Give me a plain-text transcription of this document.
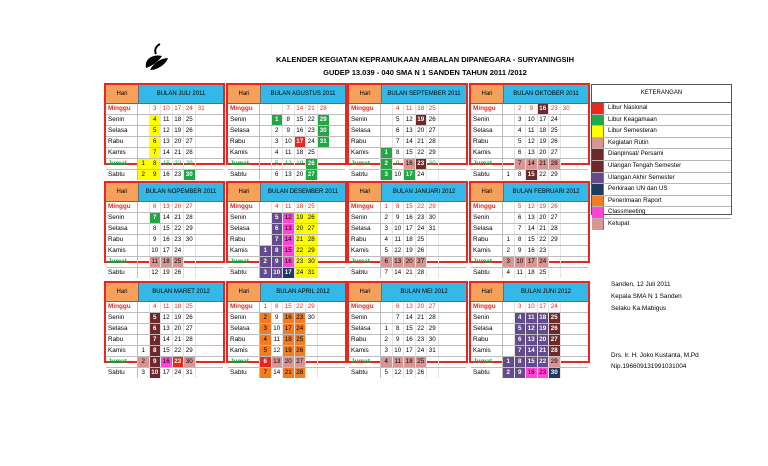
KALENDER KEGIATAN KEPRAMUKAAN AMBALAN DIPANEGARA - SURYANINGSIH
GUDEP 13.039 - 040 SMA N 1 SANDEN TAHUN 2011 /2012
Hari	BULAN JULI 2011
Minggu	3	10 17 24 31
Senin	4	11 18 25
Selasa	5	12 19 26
Rabu	6	13 20 27
Kamis	7	14 21 28
Jumat	1	8	15 22 29
Sabtu	2	9	16 23 30
Hari	BULAN AGUSTUS 2011
Minggu	7	14 21 28
Senin	1	8	15 22 29
Selasa	2	9	16 23 30
Rabu	3	10 17 24 31
Kamis	4	11 18 25
Jumat	5	12 19 26
Sabtu	6	13 20 27
Hari	BULAN SEPTEMBER 2011
Minggu	4	11 18 25
Senin	5	12 19 26
Selasa	6	13 20 27
Rabu	7	14 21 28
Kamis	1	8	15 22 29
Jumat	2	9	16 23 30
Sabtu	3	10 17 24
Hari	BULAN OKTOBER 2011
Minggu	2	9	16 23 30
Senin	3	10 17 24
Selasa	4	11 18 25
Rabu	5	12 19 26
Kamis	6	13 20 27
Jumat	7	14 21 28
Sabtu	1	8	15 22 29
Hari	BULAN NOPEMBER 2011
Minggu	6	13 20 27
Senin	7	14 21 28
Selasa	8	15 22 29
Rabu	9	16 23 30
Kamis	10 17 24
Jumat	11 18 25
Sabtu	12 19 26
Hari	BULAN DESEMBER 2011
Minggu	4	11 18 25
Senin	5	12 19 26
Selasa	6	13 20 27
Rabu	7	14 21 28
Kamis	1	8	15 22 29
Jumat	2	9	16 23 30
Sabtu	3	10 17 24 31
Hari	BULAN JANUARI 2012
Minggu	1	8	15 22 29
Senin	2	9	16 23 30
Selasa	3	10 17 24 31
Rabu	4	11 18 25
Kamis	5	12 19 26
Jumat	6	13 20 27
Sabtu	7	14 21 28
Hari	BULAN FEBRUARI 2012
Minggu	5	12 19 26
Senin	6	13 20 27
Selasa	7	14 21 28
Rabu	1	8	15 22 29
Kamis	2	9	16 23
Jumat	3	10 17 24
Sabtu	4	11 18 25
Hari	BULAN MARET 2012
Minggu	4	11 18 25
Senin	5	12 19 26
Selasa	6	13 20 27
Rabu	7	14 21 28
Kamis	1	8	15 22 29
Jumat	2	9	16 23 30
Sabtu	3	10 17 24 31
Hari	BULAN APRIL 2012
Minggu	1	8	15 22 29
Senin	2	9	16 23 30
Selasa	3	10 17 24
Rabu	4	11 18 25
Kamis	5	12 19 26
Jumat	6	13 20 27
Sabtu	7	14 21 28
Hari	BULAN MEI 2012
Minggu	6	13 20 27
Senin	7	14 21 28
Selasa	1	8	15 22 29
Rabu	2	9	16 23 30
Kamis	3	10 17 24 31
Jumat	4	11 18 25
Sabtu	5	12 19 26
Hari	BULAN JUNI 2012
Minggu	3	10 17 24
Senin	4	11 18 25
Selasa	5	12 19 26
Rabu	6	13 20 27
Kamis	7	14 21 28
Jumat	1	8	15 22 29
Sabtu	2	9	16 23 30
KETERANGAN
Libur Nasional
Libur Keagamaan
Libur Semesteran
Kegiatan Rutin
Dianpinsat/ Persami
Ulangan Tengah Semester
Ulangan Akhir Semester
Perkiraan UN dan US
Penerimaan Raport
Classmeeting
Ketupat
Sanden, 12 Juli 2011
Kepala SMA N 1 Sanden
Selaku Ka.Mabigus
Drs. Ir. H. Joko Kustanta, M.Pd
Nip.196609131991031004
